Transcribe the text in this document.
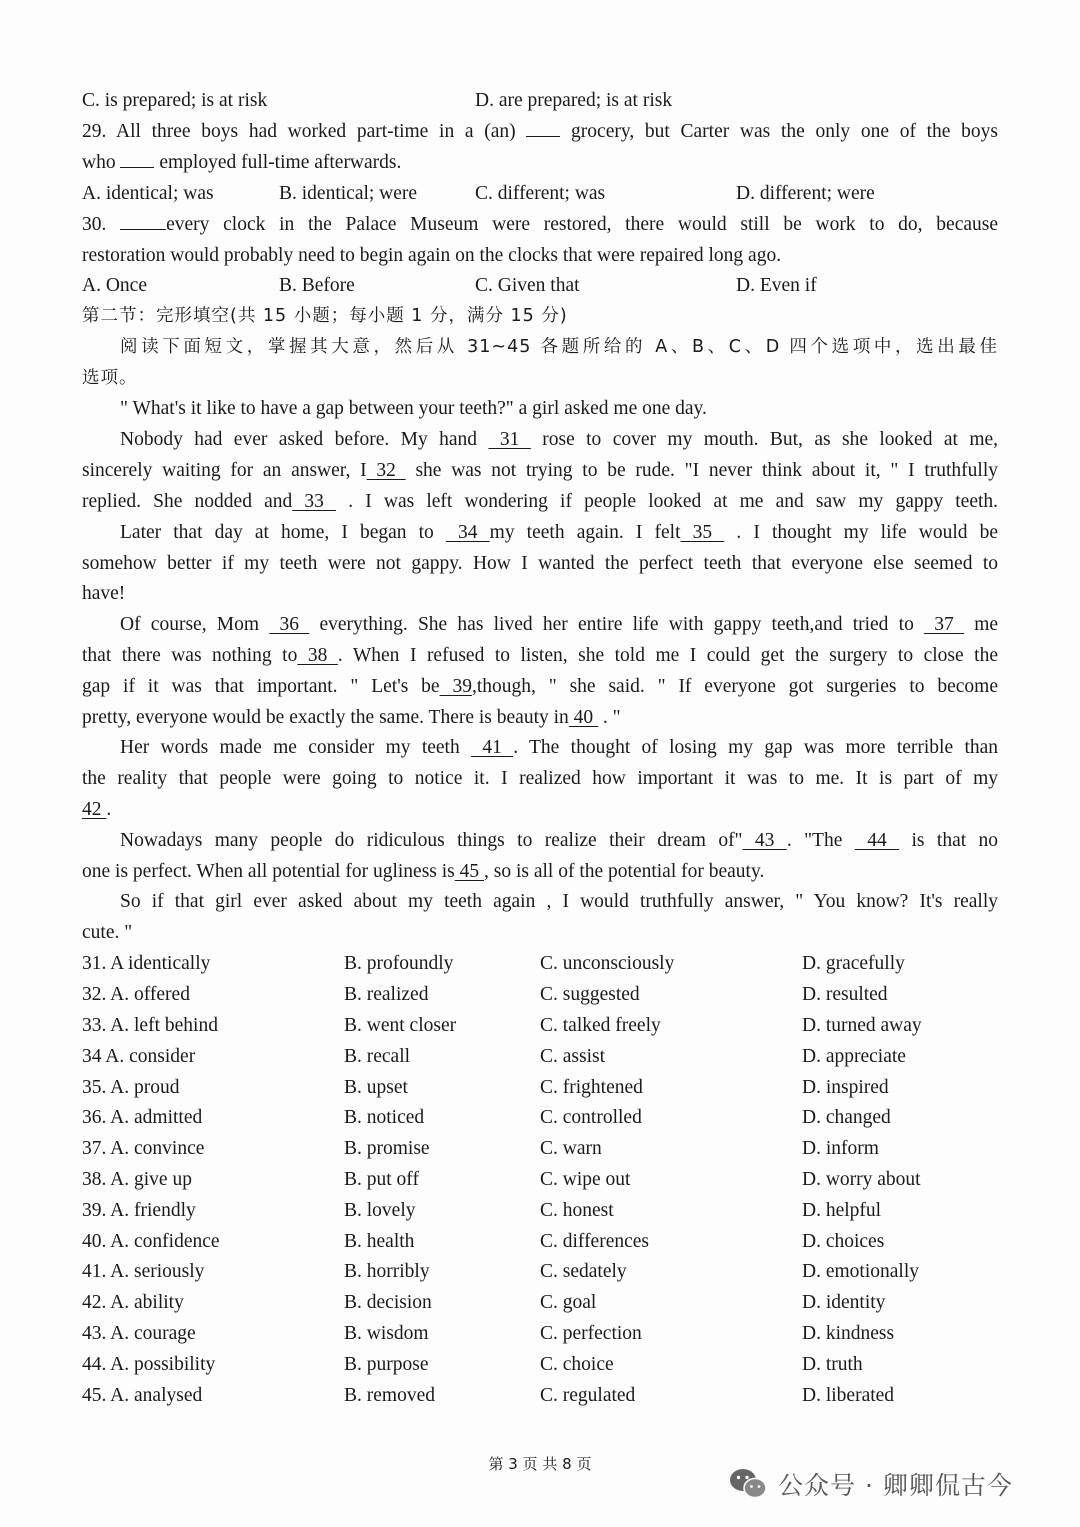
C. is prepared; is at risk	D. are prepared; is at risk
29. All three boys had worked part-time in a (an)	grocery, but Carter was the only one of the boys
who employed full-time afterwards.
A. identical; was	B. identical; were	C. different; was	D. different; were
30.	every clock in the Palace Museum were restored, there would still be work to do, because
restoration would probably need to begin again on the clocks that were repaired long ago.
A. Once	B. Before	C. Given that	D. Even if
第二节：完形填空(共 15 小题；每小题 1 分，满分 15 分)
阅读下面短文，掌握其大意，然后从 31~45 各题所给的 A、B、C、D 四个选项中，选出最佳
选项。
" What's it like to have a gap between your teeth?" a girl asked me one day.
Nobody had ever asked before. My hand  31  rose to cover my mouth. But, as she looked at me,
sincerely waiting for an answer, I 32  she was not trying to be rude. "I never think about it, " I truthfully
replied. She nodded and 33  . I was left wondering if people looked at me and saw my gappy teeth.
Later that day at home, I began to  34 my teeth again. I felt 35  . I thought my life would be
somehow better if my teeth were not gappy. How I wanted the perfect teeth that everyone else seemed to
have!
Of course, Mom  36  everything. She has lived her entire life with gappy teeth,and tried to  37  me
that there was nothing to 38 . When I refused to listen, she told me I could get the surgery to close the
gap if it was that important. " Let's be 39,though, " she said. " If everyone got surgeries to become
pretty, everyone would be exactly the same. There is beauty in 40  . "
Her words made me consider my teeth  41 . The thought of losing my gap was more terrible than
the reality that people were going to notice it. I realized how important it was to me. It is part of my
42 .
Nowadays many people do ridiculous things to realize their dream of" 43 . "The  44  is that no
one is perfect. When all potential for ugliness is 45 , so is all of the potential for beauty.
So if that girl ever asked about my teeth again , I would truthfully answer, " You know? It's really
cute. "
31. A identically	B. profoundly	C. unconsciously	D. gracefully
32. A. offered	B. realized	C. suggested	D. resulted
33. A. left behind	B. went closer	C. talked freely	D. turned away
34 A. consider	B. recall	C. assist	D. appreciate
35. A. proud	B. upset	C. frightened	D. inspired
36. A. admitted	B. noticed	C. controlled	D. changed
37. A. convince	B. promise	C. warn	D. inform
38. A. give up	B. put off	C. wipe out	D. worry about
39. A. friendly	B. lovely	C. honest	D. helpful
40. A. confidence	B. health	C. differences	D. choices
41. A. seriously	B. horribly	C. sedately	D. emotionally
42. A. ability	B. decision	C. goal	D. identity
43. A. courage	B. wisdom	C. perfection	D. kindness
44. A. possibility	B. purpose	C. choice	D. truth
45. A. analysed	B. removed	C. regulated	D. liberated
第 3 页 共 8 页
公众号 · 卿卿侃古今
